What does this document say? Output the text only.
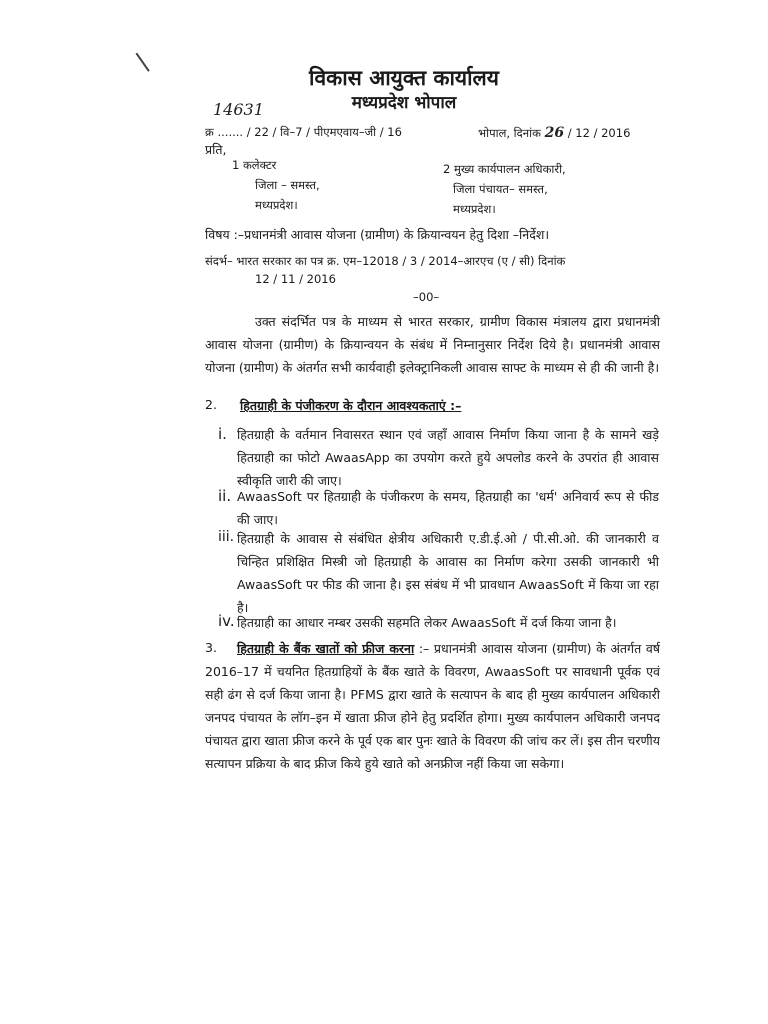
विकास आयुक्त कार्यालय
मध्यप्रदेश भोपाल
14631
क्र ....... / 22 / वि–7 / पीएमएवाय–जी / 16	भोपाल, दिनांक 26 / 12 / 2016
प्रति,
1 कलेक्टर
जिला – समस्त,
मध्यप्रदेश।
2 मुख्य कार्यपालन अधिकारी,
जिला पंचायत– समस्त,
मध्यप्रदेश।
विषय :–प्रधानमंत्री आवास योजना (ग्रामीण) के क्रियान्वयन हेतु दिशा –निर्देश।
संदर्भ– भारत सरकार का पत्र क्र. एम–12018 / 3 / 2014–आरएच (ए / सी) दिनांक
12 / 11 / 2016
–00–
उक्त संदर्भित पत्र के माध्यम से भारत सरकार, ग्रामीण विकास मंत्रालय द्वारा प्रधानमंत्री आवास योजना (ग्रामीण) के क्रियान्वयन के संबंध में निम्नानुसार निर्देश दिये है। प्रधानमंत्री आवास योजना (ग्रामीण) के अंतर्गत सभी कार्यवाही इलेक्ट्रानिकली आवास साफ्ट के माध्यम से ही की जानी है।
2. हितग्राही के पंजीकरण के दौरान आवश्यकताएं :–
i. हितग्राही के वर्तमान निवासरत स्थान एवं जहाँ आवास निर्माण किया जाना है के सामने खड़े हितग्राही का फोटो AwaasApp का उपयोग करते हुये अपलोड करने के उपरांत ही आवास स्वीकृति जारी की जाए।
ii. AwaasSoft पर हितग्राही के पंजीकरण के समय, हितग्राही का 'धर्म' अनिवार्य रूप से फीड की जाए।
iii. हितग्राही के आवास से संबंधित क्षेत्रीय अधिकारी ए.डी.ई.ओ / पी.सी.ओ. की जानकारी व चिन्हित प्रशिक्षित मिस्त्री जो हितग्राही के आवास का निर्माण करेगा उसकी जानकारी भी AwaasSoft पर फीड की जाना है। इस संबंध में भी प्रावधान AwaasSoft में किया जा रहा है।
iv. हितग्राही का आधार नम्बर उसकी सहमति लेकर AwaasSoft में दर्ज किया जाना है।
3.	हितग्राही के बैंक खातों को फ्रीज करना :– प्रधानमंत्री आवास योजना (ग्रामीण) के अंतर्गत वर्ष 2016–17 में चयनित हितग्राहियों के बैंक खाते के विवरण, AwaasSoft पर सावधानी पूर्वक एवं सही ढंग से दर्ज किया जाना है। PFMS द्वारा खाते के सत्यापन के बाद ही मुख्य कार्यपालन अधिकारी जनपद पंचायत के लॉग–इन में खाता फ्रीज होने हेतु प्रदर्शित होगा। मुख्य कार्यपालन अधिकारी जनपद पंचायत द्वारा खाता फ्रीज करने के पूर्व एक बार पुनः खाते के विवरण की जांच कर लें। इस तीन चरणीय सत्यापन प्रक्रिया के बाद फ्रीज किये हुये खाते को अनफ्रीज नहीं किया जा सकेगा।
